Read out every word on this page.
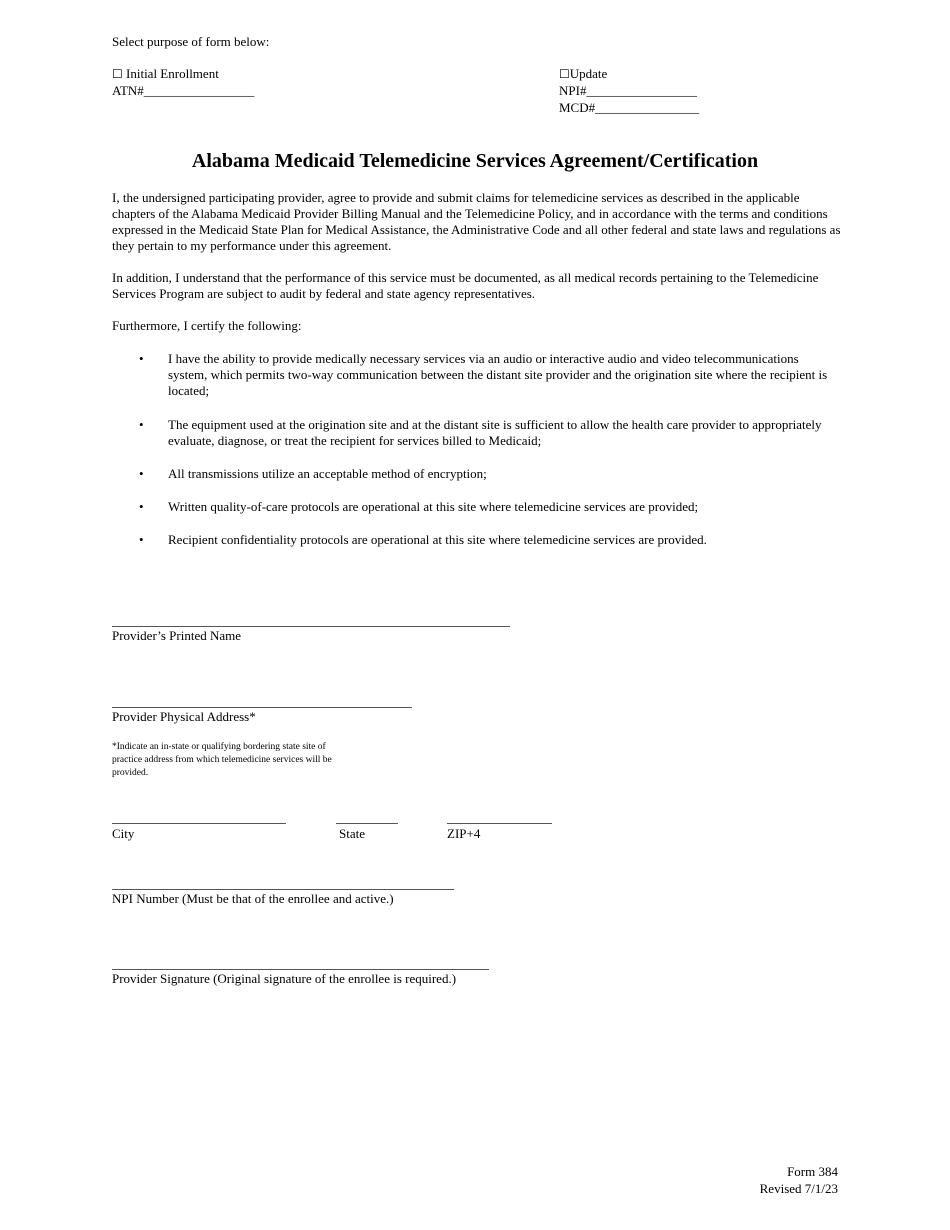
Select purpose of form below:
☐ Initial Enrollment
ATN#_________________
☐Update
NPI#_________________
MCD#________________
Alabama Medicaid Telemedicine Services Agreement/Certification
I, the undersigned participating provider, agree to provide and submit claims for telemedicine services as described in the applicable chapters of the Alabama Medicaid Provider Billing Manual and the Telemedicine Policy, and in accordance with the terms and conditions expressed in the Medicaid State Plan for Medical Assistance, the Administrative Code and all other federal and state laws and regulations as they pertain to my performance under this agreement.
In addition, I understand that the performance of this service must be documented, as all medical records pertaining to the Telemedicine Services Program are subject to audit by federal and state agency representatives.
Furthermore, I certify the following:
• I have the ability to provide medically necessary services via an audio or interactive audio and video telecommunications system, which permits two-way communication between the distant site provider and the origination site where the recipient is located;
• The equipment used at the origination site and at the distant site is sufficient to allow the health care provider to appropriately evaluate, diagnose, or treat the recipient for services billed to Medicaid;
• All transmissions utilize an acceptable method of encryption;
• Written quality-of-care protocols are operational at this site where telemedicine services are provided;
• Recipient confidentiality protocols are operational at this site where telemedicine services are provided.
Provider’s Printed Name
Provider Physical Address*
*Indicate an in-state or qualifying bordering state site of practice address from which telemedicine services will be provided.
City	State	ZIP+4
NPI Number (Must be that of the enrollee and active.)
Provider Signature (Original signature of the enrollee is required.)
Form 384
Revised 7/1/23
